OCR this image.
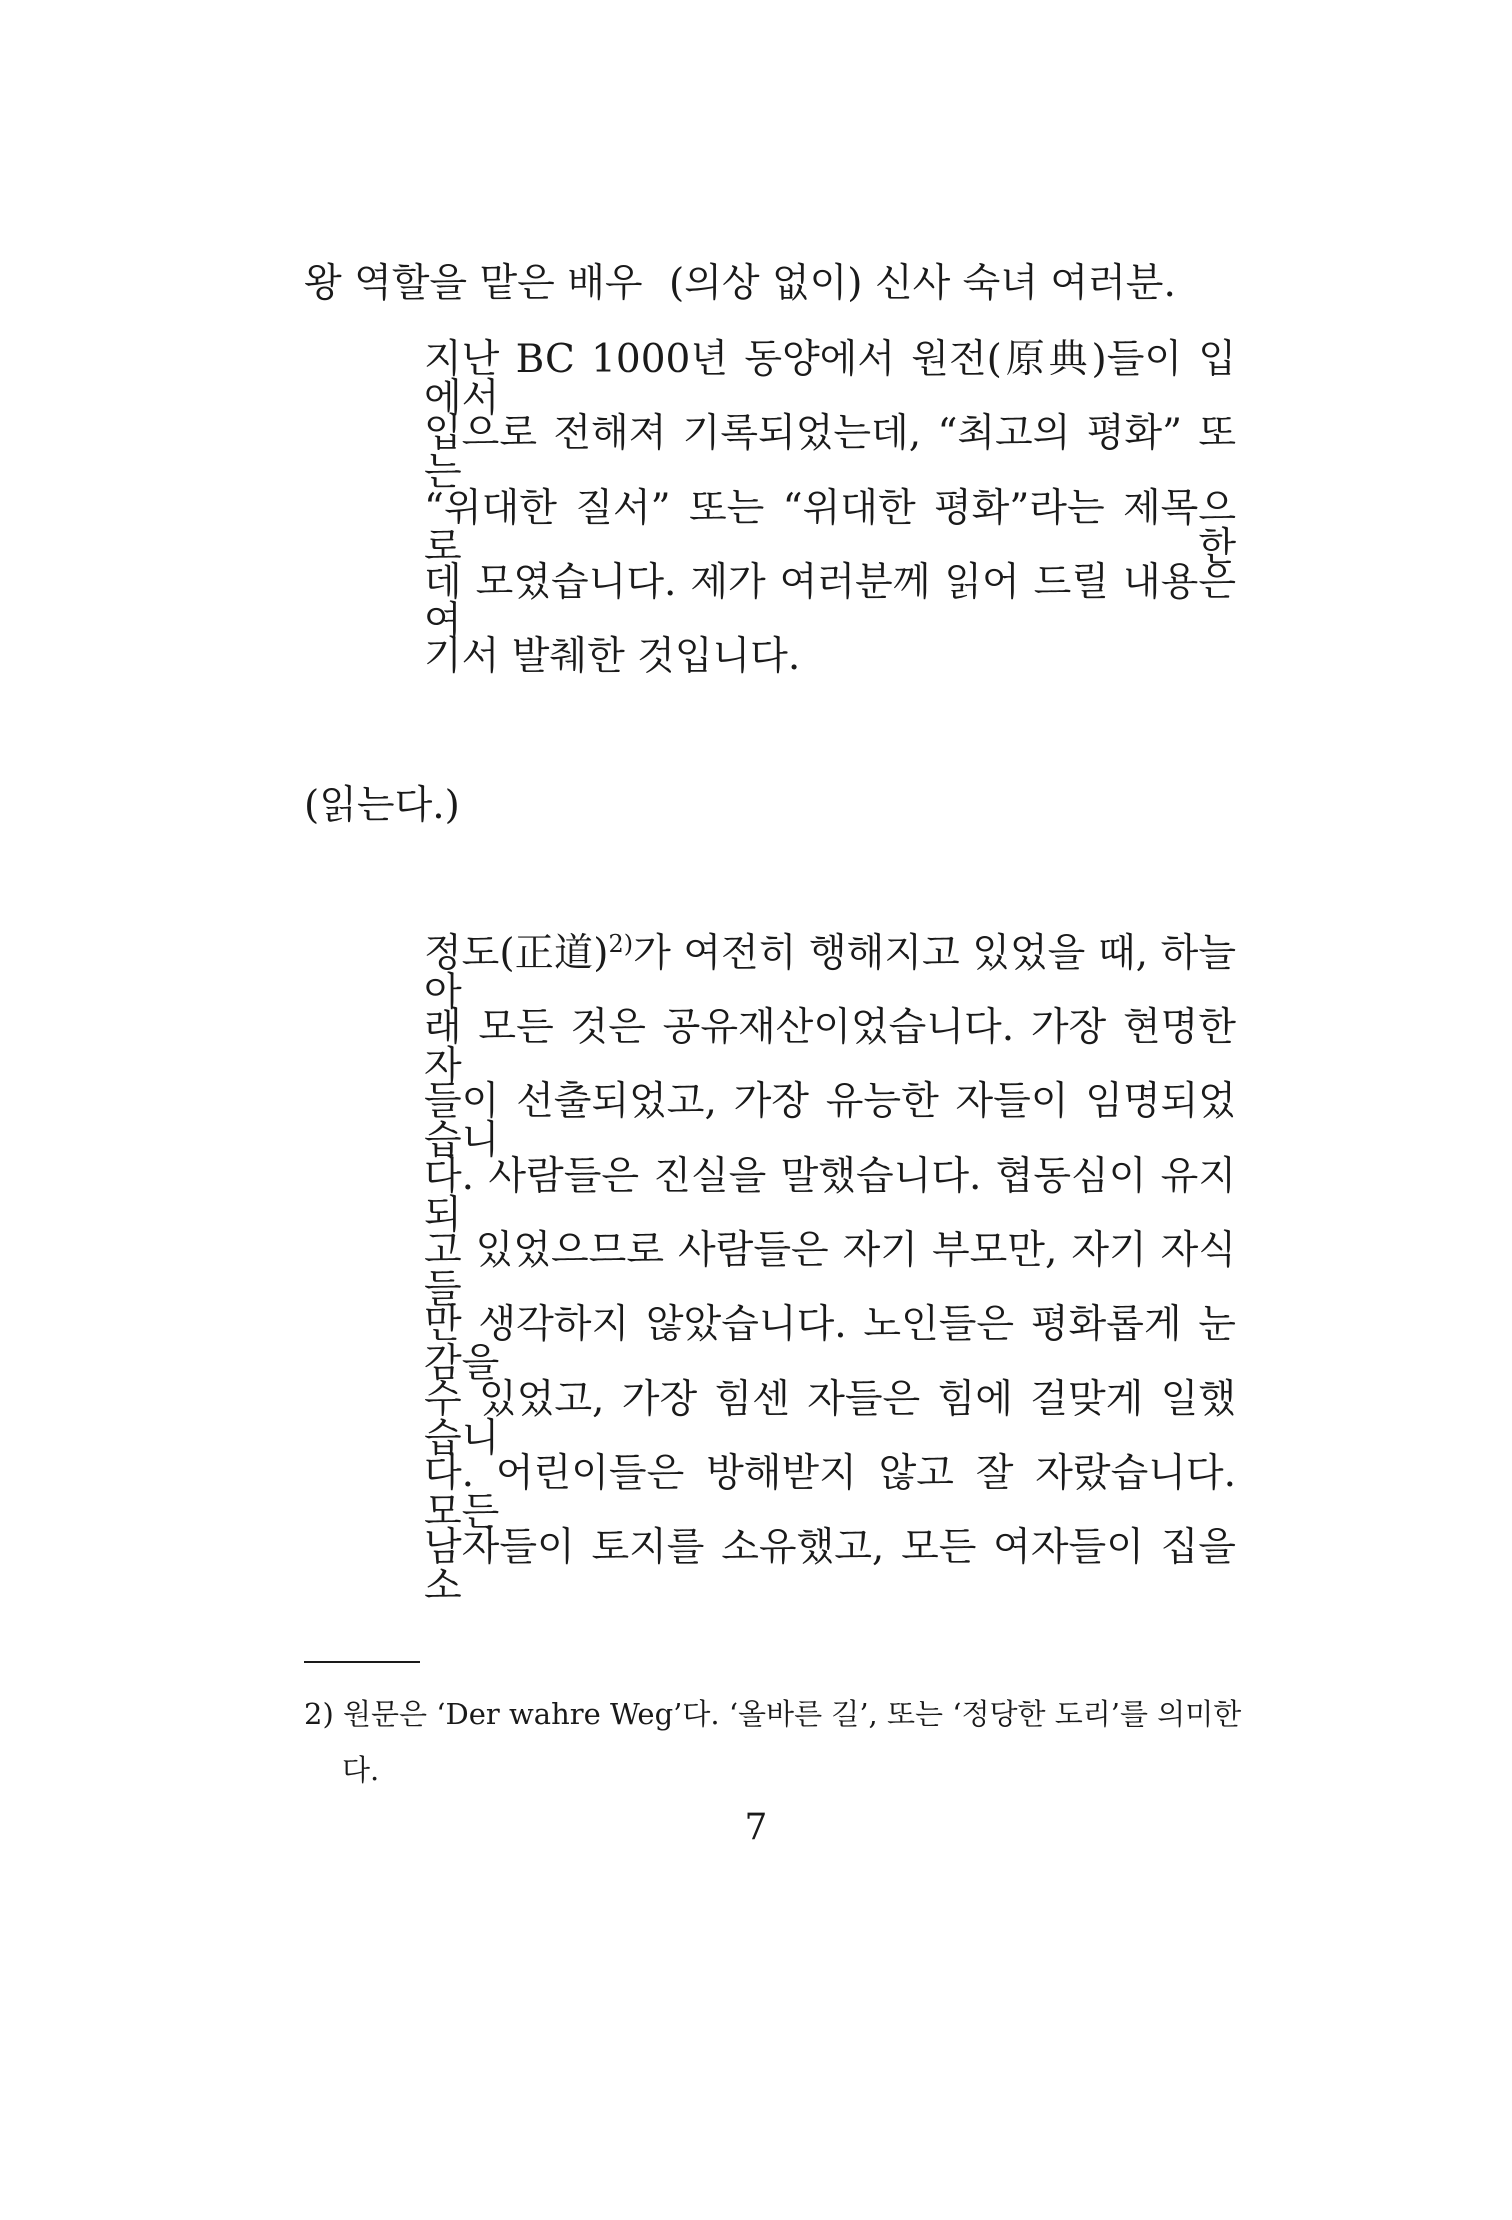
왕 역할을 맡은 배우 (의상 없이) 신사 숙녀 여러분.
지난 BC 1000년 동양에서 원전(原典)들이 입에서
입으로 전해져 기록되었는데, “최고의 평화” 또는
“위대한 질서” 또는 “위대한 평화”라는 제목으로 한
데 모였습니다. 제가 여러분께 읽어 드릴 내용은 여
기서 발췌한 것입니다.
(읽는다.)
정도(正道)$^{2)}$가 여전히 행해지고 있었을 때, 하늘 아
래 모든 것은 공유재산이었습니다. 가장 현명한 자
들이 선출되었고, 가장 유능한 자들이 임명되었습니
다. 사람들은 진실을 말했습니다. 협동심이 유지되
고 있었으므로 사람들은 자기 부모만, 자기 자식들
만 생각하지 않았습니다. 노인들은 평화롭게 눈감을
수 있었고, 가장 힘센 자들은 힘에 걸맞게 일했습니
다. 어린이들은 방해받지 않고 잘 자랐습니다. 모든
남자들이 토지를 소유했고, 모든 여자들이 집을 소
2) 원문은 ‘Der wahre Weg’다. ‘올바른 길’, 또는 ‘정당한 도리’를 의미한
다.
7
